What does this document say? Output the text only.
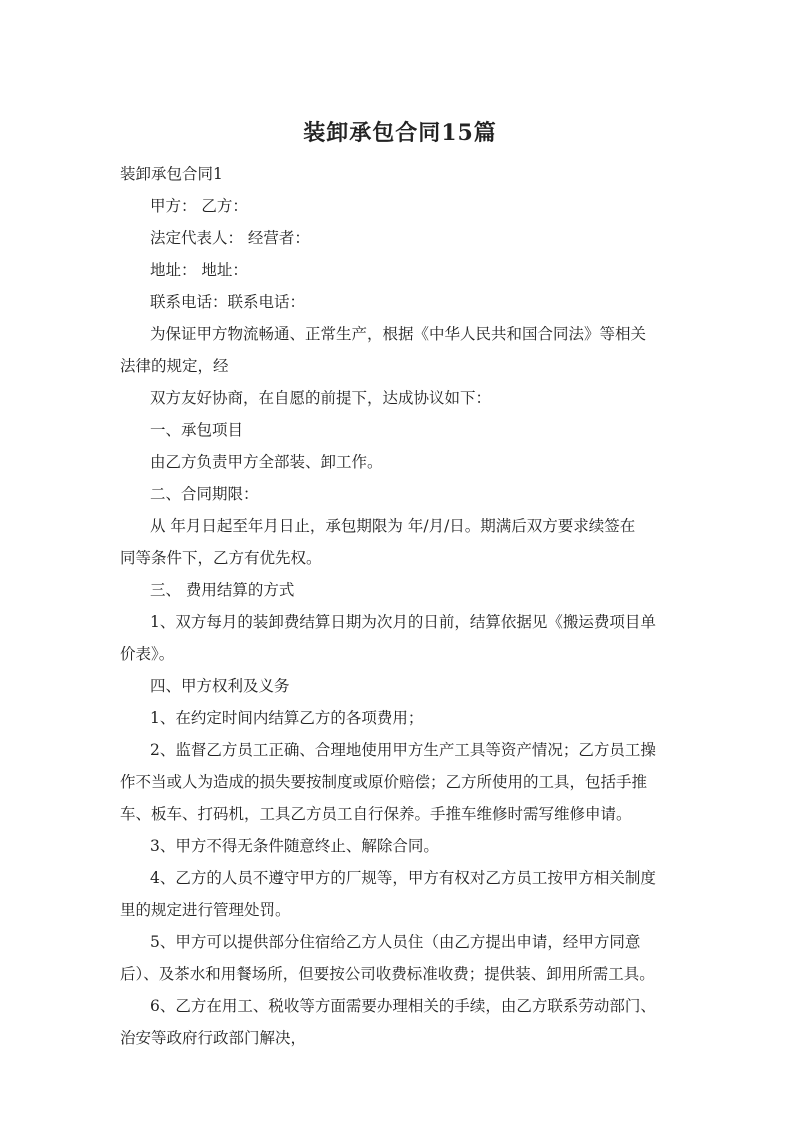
装卸承包合同15篇
装卸承包合同1
甲方： 乙方：
法定代表人： 经营者：
地址： 地址：
联系电话：联系电话：
为保证甲方物流畅通、正常生产，根据《中华人民共和国合同法》等相关
法律的规定，经
双方友好协商，在自愿的前提下，达成协议如下：
一、承包项目
由乙方负责甲方全部装、卸工作。
二、合同期限：
从 年月日起至年月日止，承包期限为 年/月/日。期满后双方要求续签在
同等条件下，乙方有优先权。
三、 费用结算的方式
1、双方每月的装卸费结算日期为次月的日前，结算依据见《搬运费项目单
价表》。
四、甲方权利及义务
1、在约定时间内结算乙方的各项费用；
2、监督乙方员工正确、合理地使用甲方生产工具等资产情况；乙方员工操
作不当或人为造成的损失要按制度或原价赔偿；乙方所使用的工具，包括手推
车、板车、打码机，工具乙方员工自行保养。手推车维修时需写维修申请。
3、甲方不得无条件随意终止、解除合同。
4、乙方的人员不遵守甲方的厂规等，甲方有权对乙方员工按甲方相关制度
里的规定进行管理处罚。
5、甲方可以提供部分住宿给乙方人员住（由乙方提出申请，经甲方同意
后）、及茶水和用餐场所，但要按公司收费标准收费；提供装、卸用所需工具。
6、乙方在用工、税收等方面需要办理相关的手续，由乙方联系劳动部门、
治安等政府行政部门解决，
